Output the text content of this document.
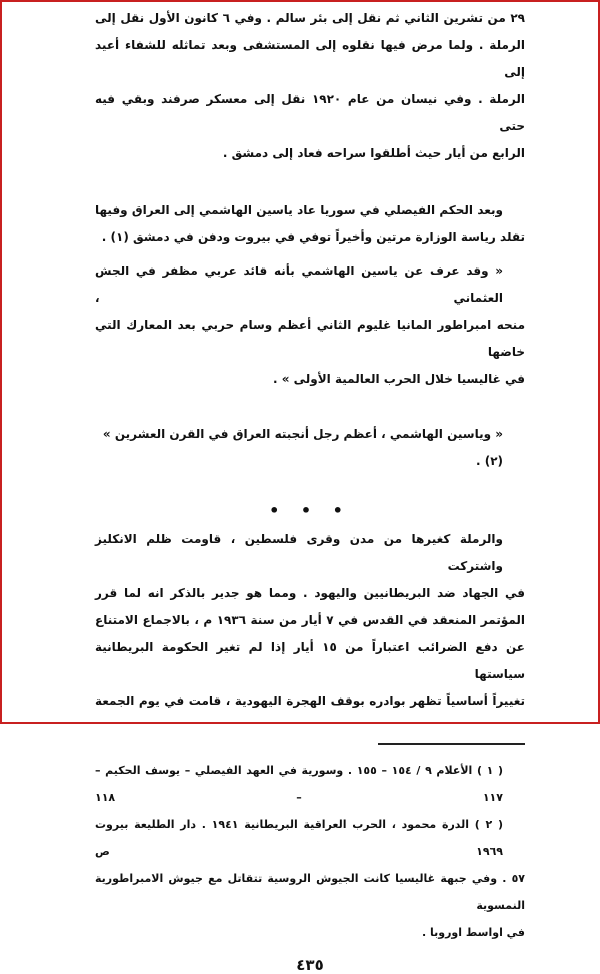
٢٩ من تشرين الثاني ثم نقل إلى بئر سالم . وفي ٦ كانون الأول نقل إلى
الرملة . ولما مرض فيها نقلوه إلى المستشفى وبعد تماثله للشفاء أعيد إلى
الرملة . وفي نيسان من عام ١٩٢٠ نقل إلى معسكر صرفند وبقي فيه حتى
الرابع من أيار حيث أطلقوا سراحه فعاد إلى دمشق .
وبعد الحكم الفيصلي في سوريا عاد ياسين الهاشمي إلى العراق وفيها
تقلد رياسة الوزارة مرتين وأخيراً توفي في بيروت ودفن في دمشق (١) .
« وقد عرف عن ياسين الهاشمي بأنه قائد عربي مظفر في الجش العثماني ،
منحه امبراطور المانيا غليوم الثاني أعظم وسام حربي بعد المعارك التي خاضها
في غاليسيا خلال الحرب العالمية الأولى » .
« وياسين الهاشمي ، أعظم رجل أنجبته العراق في القرن العشرين » (٢) .
• • •
والرملة كغيرها من مدن وقرى فلسطين ، قاومت ظلم الانكليز واشتركت
في الجهاد ضد البريطانيين واليهود . ومما هو جدير بالذكر انه لما قرر
المؤتمر المنعقد في القدس في ٧ أيار من سنة ١٩٣٦ م ، بالاجماع الامتناع
عن دفع الضرائب اعتباراً من ١٥ أيار إذا لم تغير الحكومة البريطانية سياستها
تغييراً أساسياً تظهر بوادره بوقف الهجرة اليهودية ، قامت في يوم الجمعة
( ١ ) الأعلام ٩ / ١٥٤ – ١٥٥ . وسورية في العهد الفيصلي – يوسف الحكيم – ١١٧ – ١١٨
( ٢ ) الدرة محمود ، الحرب العراقية البريطانية ١٩٤١ . دار الطليعة بيروت ١٩٦٩ ص
٥٧ . وفي جبهة غاليسيا كانت الجيوش الروسية تتقاتل مع جيوش الامبراطورية النمسوية
في اواسط اوروبا .
٤٣٥
